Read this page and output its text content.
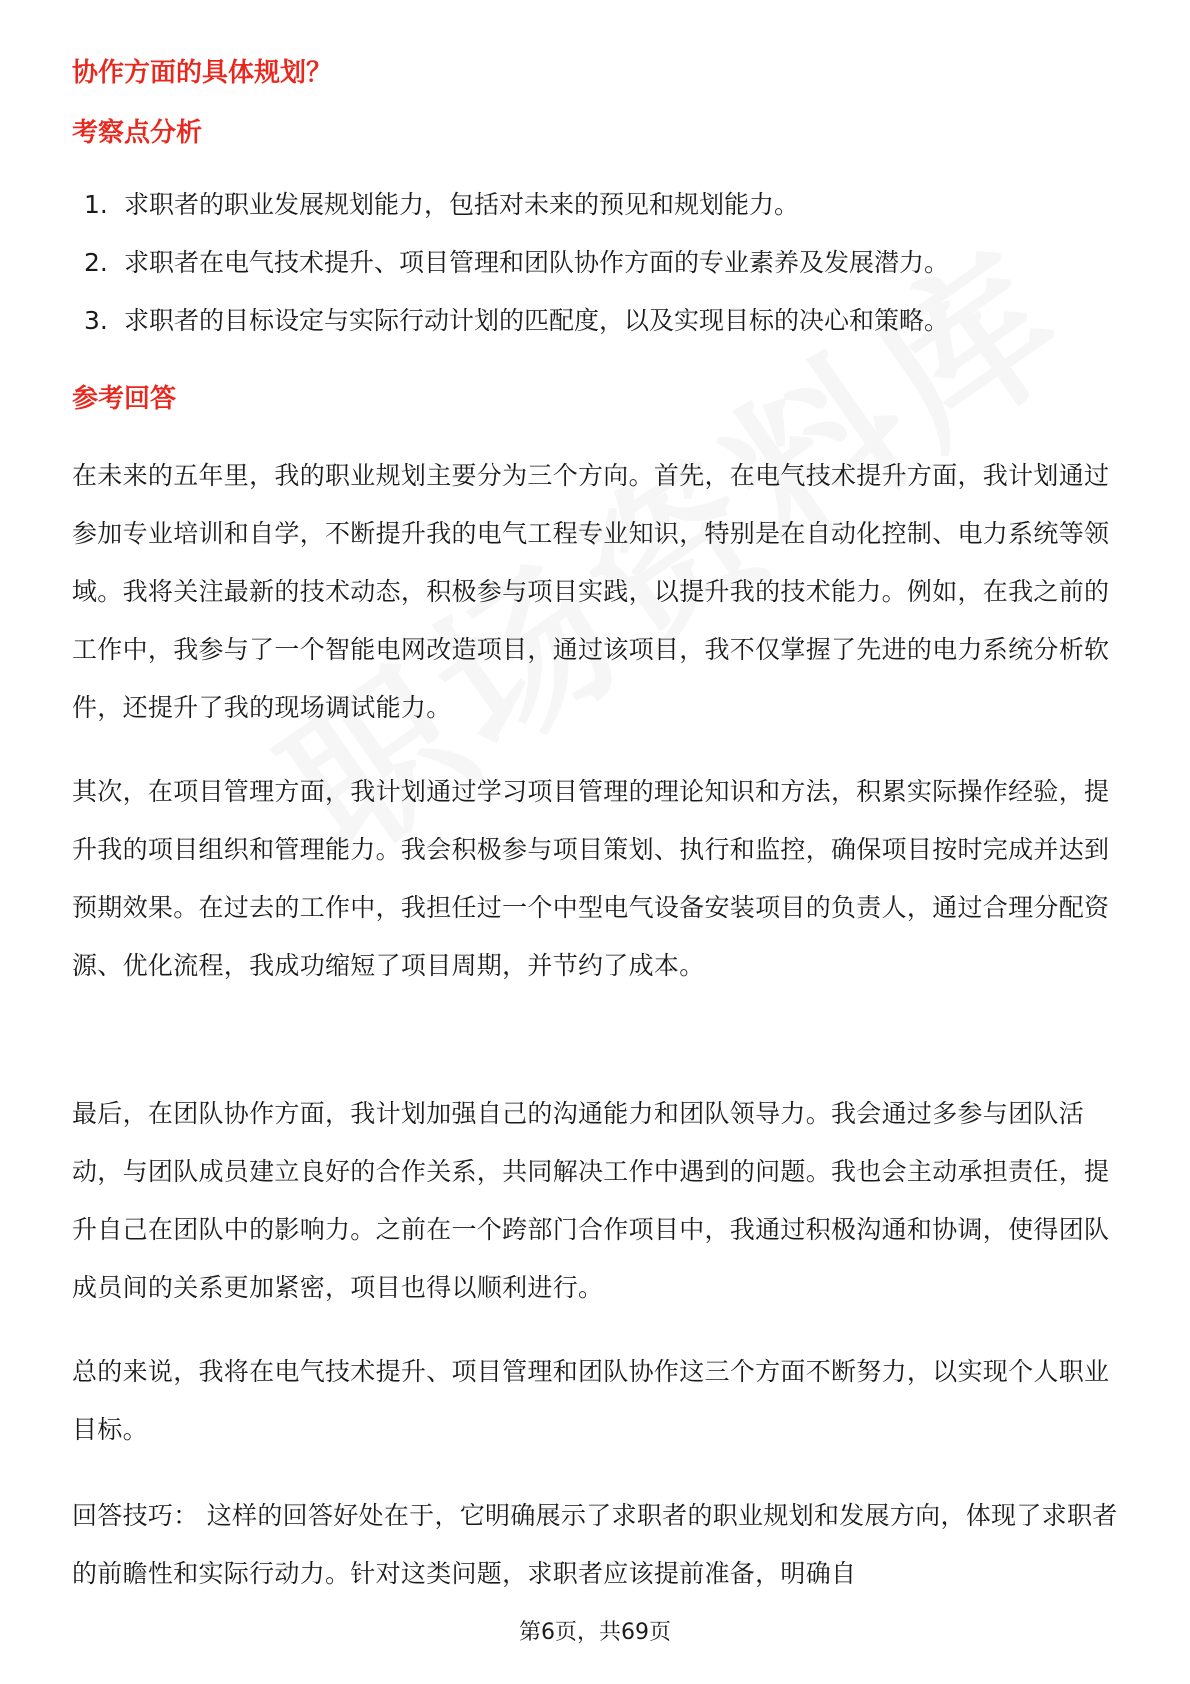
协作方面的具体规划？
考察点分析
1. 求职者的职业发展规划能力，包括对未来的预见和规划能力。
2. 求职者在电气技术提升、项目管理和团队协作方面的专业素养及发展潜力。
3. 求职者的目标设定与实际行动计划的匹配度，以及实现目标的决心和策略。
参考回答

在未来的五年里，我的职业规划主要分为三个方向。首先，在电气技术提升方面，我计划通过参加专业培训和自学，不断提升我的电气工程专业知识，特别是在自动化控制、电力系统等领域。我将关注最新的技术动态，积极参与项目实践，以提升我的技术能力。例如，在我之前的工作中，我参与了一个智能电网改造项目，通过该项目，我不仅掌握了先进的电力系统分析软件，还提升了我的现场调试能力。

其次，在项目管理方面，我计划通过学习项目管理的理论知识和方法，积累实际操作经验，提升我的项目组织和管理能力。我会积极参与项目策划、执行和监控，确保项目按时完成并达到预期效果。在过去的工作中，我担任过一个中型电气设备安装项目的负责人，通过合理分配资源、优化流程，我成功缩短了项目周期，并节约了成本。

最后，在团队协作方面，我计划加强自己的沟通能力和团队领导力。我会通过多参与团队活动，与团队成员建立良好的合作关系，共同解决工作中遇到的问题。我也会主动承担责任，提升自己在团队中的影响力。之前在一个跨部门合作项目中，我通过积极沟通和协调，使得团队成员间的关系更加紧密，项目也得以顺利进行。

总的来说，我将在电气技术提升、项目管理和团队协作这三个方面不断努力，以实现个人职业目标。

回答技巧： 这样的回答好处在于，它明确展示了求职者的职业规划和发展方向，体现了求职者的前瞻性和实际行动力。针对这类问题，求职者应该提前准备，明确自

第6页，共69页
